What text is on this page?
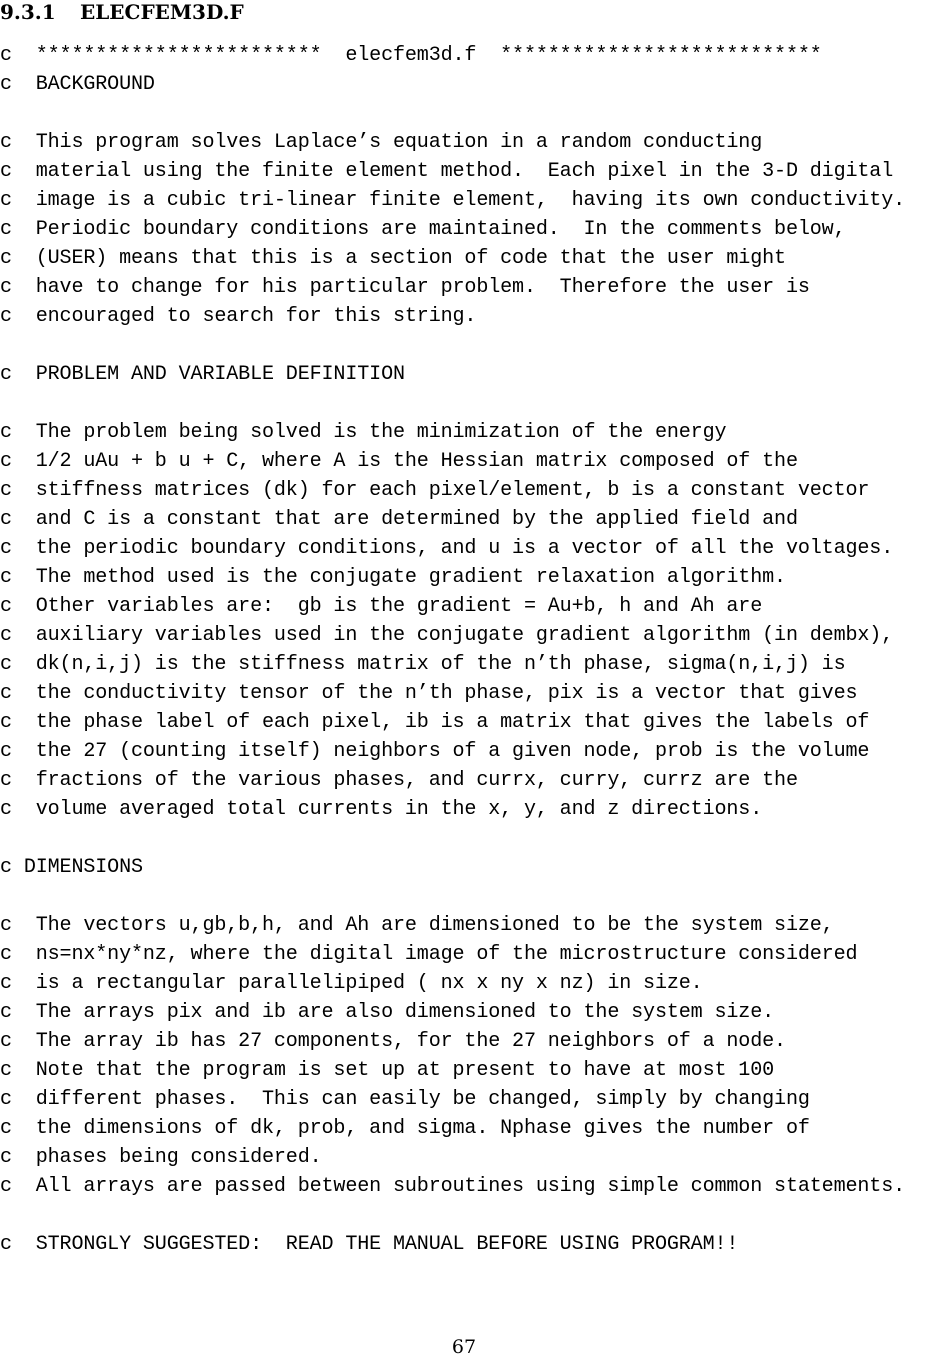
9.3.1 ELECFEM3D.F
c  ************************  elecfem3d.f  ***************************
c  BACKGROUND
c  This program solves Laplace’s equation in a random conducting
c  material using the finite element method.  Each pixel in the 3-D digital
c  image is a cubic tri-linear finite element,  having its own conductivity.
c  Periodic boundary conditions are maintained.  In the comments below,
c  (USER) means that this is a section of code that the user might
c  have to change for his particular problem.  Therefore the user is
c  encouraged to search for this string.
c  PROBLEM AND VARIABLE DEFINITION
c  The problem being solved is the minimization of the energy
c  1/2 uAu + b u + C, where A is the Hessian matrix composed of the
c  stiffness matrices (dk) for each pixel/element, b is a constant vector
c  and C is a constant that are determined by the applied field and
c  the periodic boundary conditions, and u is a vector of all the voltages.
c  The method used is the conjugate gradient relaxation algorithm.
c  Other variables are:  gb is the gradient = Au+b, h and Ah are
c  auxiliary variables used in the conjugate gradient algorithm (in dembx),
c  dk(n,i,j) is the stiffness matrix of the n’th phase, sigma(n,i,j) is
c  the conductivity tensor of the n’th phase, pix is a vector that gives
c  the phase label of each pixel, ib is a matrix that gives the labels of
c  the 27 (counting itself) neighbors of a given node, prob is the volume
c  fractions of the various phases, and currx, curry, currz are the
c  volume averaged total currents in the x, y, and z directions.
c DIMENSIONS
c  The vectors u,gb,b,h, and Ah are dimensioned to be the system size,
c  ns=nx*ny*nz, where the digital image of the microstructure considered
c  is a rectangular parallelipiped ( nx x ny x nz) in size.
c  The arrays pix and ib are also dimensioned to the system size.
c  The array ib has 27 components, for the 27 neighbors of a node.
c  Note that the program is set up at present to have at most 100
c  different phases.  This can easily be changed, simply by changing
c  the dimensions of dk, prob, and sigma. Nphase gives the number of
c  phases being considered.
c  All arrays are passed between subroutines using simple common statements.
c  STRONGLY SUGGESTED:  READ THE MANUAL BEFORE USING PROGRAM!!
67
